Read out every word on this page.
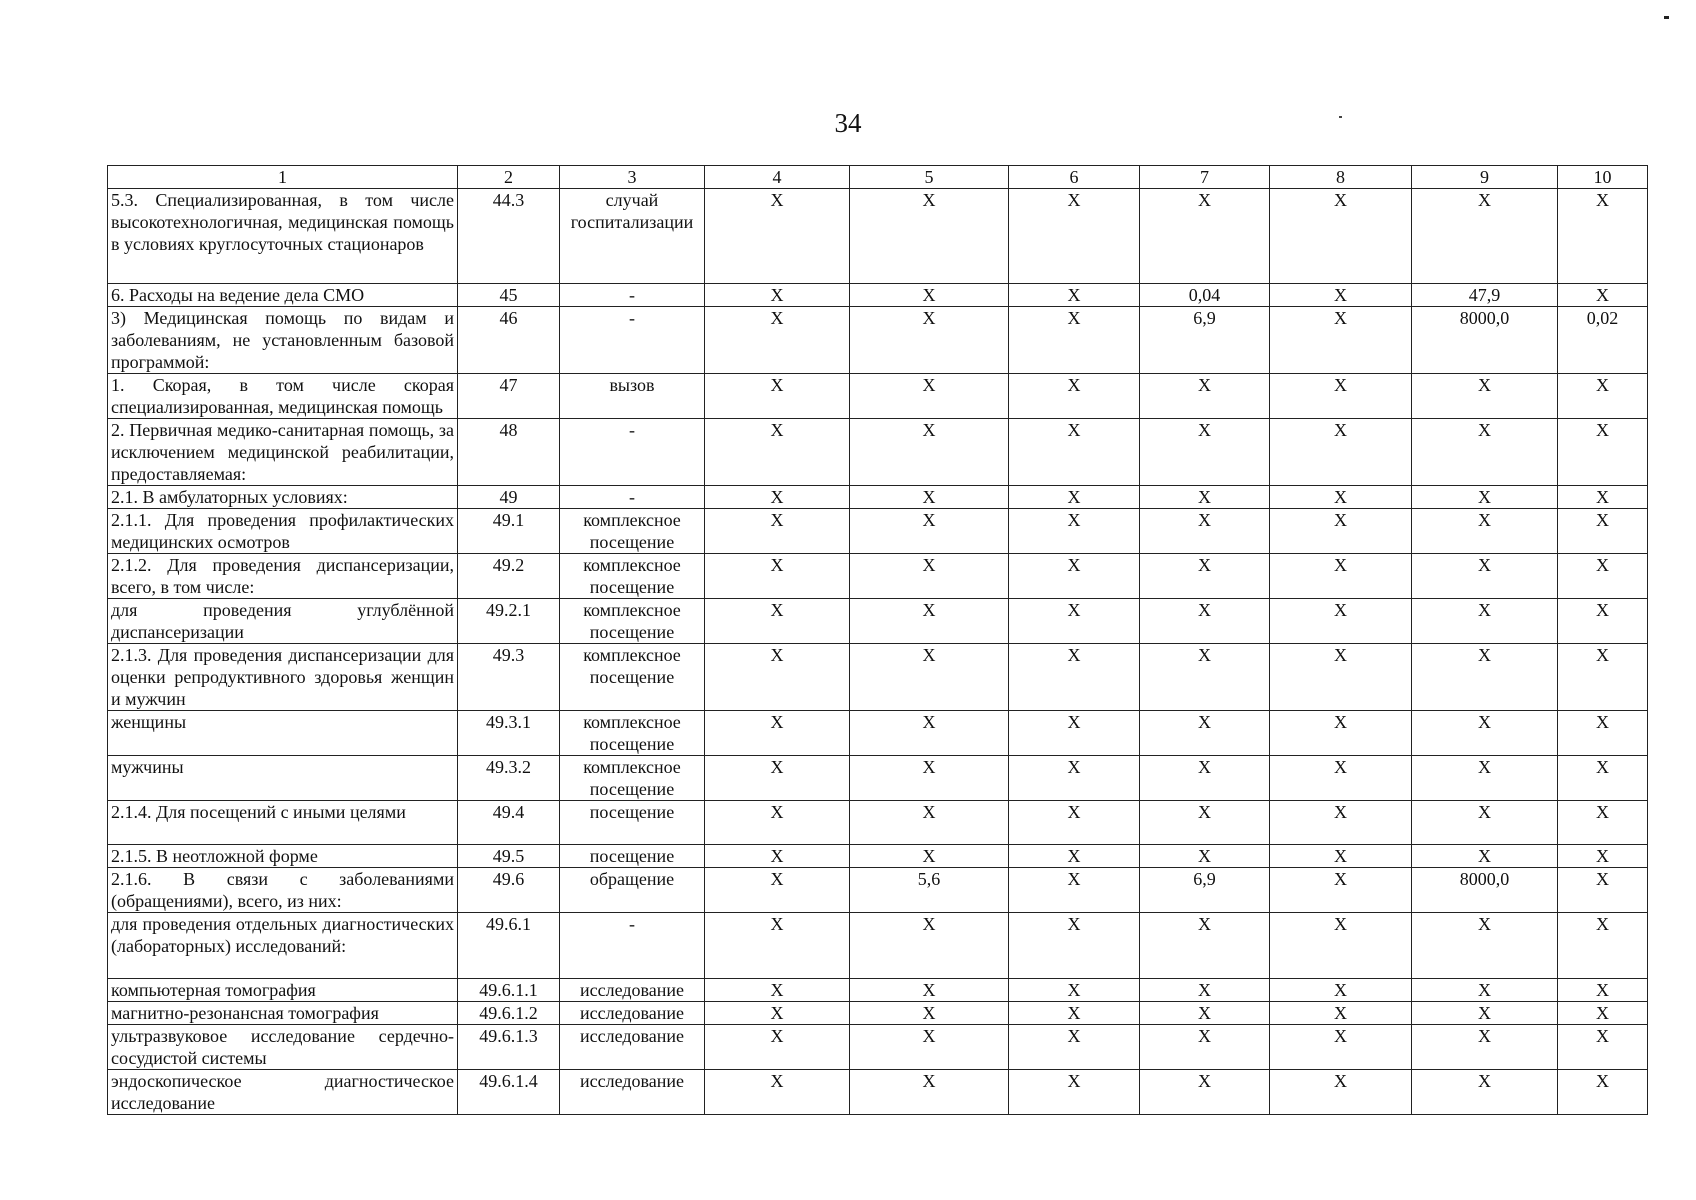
34
1	2	3	4	5	6	7	8	9	10
5.3. Специализированная, в том числе высокотехнологичная, медицинская помощь в условиях круглосуточных стационаров	44.3	случай госпитализации	X	X	X	X	X	X	X
6. Расходы на ведение дела СМО	45	-	X	X	X	0,04	X	47,9	X
3) Медицинская помощь по видам и заболеваниям, не установленным базовой программой:	46	-	X	X	X	6,9	X	8000,0	0,02
1. Скорая, в том числе скорая специализированная, медицинская помощь	47	вызов	X	X	X	X	X	X	X
2. Первичная медико-санитарная помощь, за исключением медицинской реабилитации, предоставляемая:	48	-	X	X	X	X	X	X	X
2.1. В амбулаторных условиях:	49	-	X	X	X	X	X	X	X
2.1.1. Для проведения профилактических медицинских осмотров	49.1	комплексное посещение	X	X	X	X	X	X	X
2.1.2. Для проведения диспансеризации, всего, в том числе:	49.2	комплексное посещение	X	X	X	X	X	X	X
для проведения углублённой диспансеризации	49.2.1	комплексное посещение	X	X	X	X	X	X	X
2.1.3. Для проведения диспансеризации для оценки репродуктивного здоровья женщин и мужчин	49.3	комплексное посещение	X	X	X	X	X	X	X
женщины	49.3.1	комплексное посещение	X	X	X	X	X	X	X
мужчины	49.3.2	комплексное посещение	X	X	X	X	X	X	X
2.1.4. Для посещений с иными целями	49.4	посещение	X	X	X	X	X	X	X
2.1.5. В неотложной форме	49.5	посещение	X	X	X	X	X	X	X
2.1.6. В связи с заболеваниями (обращениями), всего, из них:	49.6	обращение	X	5,6	X	6,9	X	8000,0	X
для проведения отдельных диагностических (лабораторных) исследований:	49.6.1	-	X	X	X	X	X	X	X
компьютерная томография	49.6.1.1	исследование	X	X	X	X	X	X	X
магнитно-резонансная томография	49.6.1.2	исследование	X	X	X	X	X	X	X
ультразвуковое исследование сердечно-сосудистой системы	49.6.1.3	исследование	X	X	X	X	X	X	X
эндоскопическое диагностическое исследование	49.6.1.4	исследование	X	X	X	X	X	X	X
